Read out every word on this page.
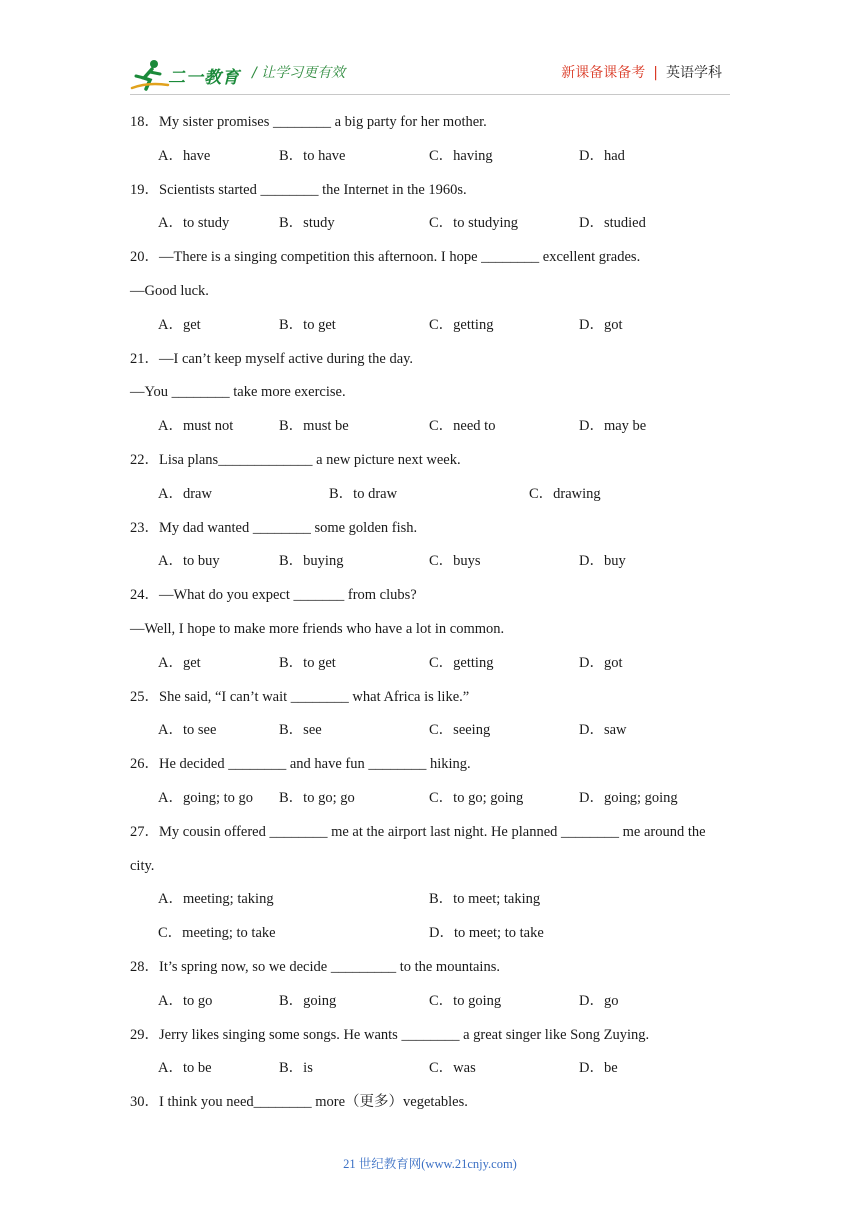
二一教育 / 让学习更有效	新课备课备考 | 英语学科
18．My sister promises ________ a big party for her mother.
A．have	B．to have	C．having	D．had
19．Scientists started ________ the Internet in the 1960s.
A．to study	B．study	C．to studying	D．studied
20．—There is a singing competition this afternoon. I hope ________ excellent grades.
—Good luck.
A．get	B．to get	C．getting	D．got
21．—I can’t keep myself active during the day.
—You ________ take more exercise.
A．must not	B．must be	C．need to	D．may be
22．Lisa plans_____________ a new picture next week.
A．draw	B．to draw	C．drawing
23．My dad wanted ________ some golden fish.
A．to buy	B．buying	C．buys	D．buy
24．—What do you expect _______ from clubs?
—Well, I hope to make more friends who have a lot in common.
A．get	B．to get	C．getting	D．got
25．She said, “I can’t wait ________ what Africa is like.”
A．to see	B．see	C．seeing	D．saw
26．He decided ________ and have fun ________ hiking.
A．going; to go B．to go; go	C．to go; going	D．going; going
27．My cousin offered ________ me at the airport last night. He planned ________ me around the
city.
A．meeting; taking	B．to meet; taking
C．meeting; to take	D．to meet; to take
28．It’s spring now, so we decide _________ to the mountains.
A．to go	B．going	C．to going	D．go
29．Jerry likes singing some songs. He wants ________ a great singer like Song Zuying.
A．to be	B．is	C．was	D．be
30．I think you need________ more（更多）vegetables.
21 世纪教育网(www.21cnjy.com)
